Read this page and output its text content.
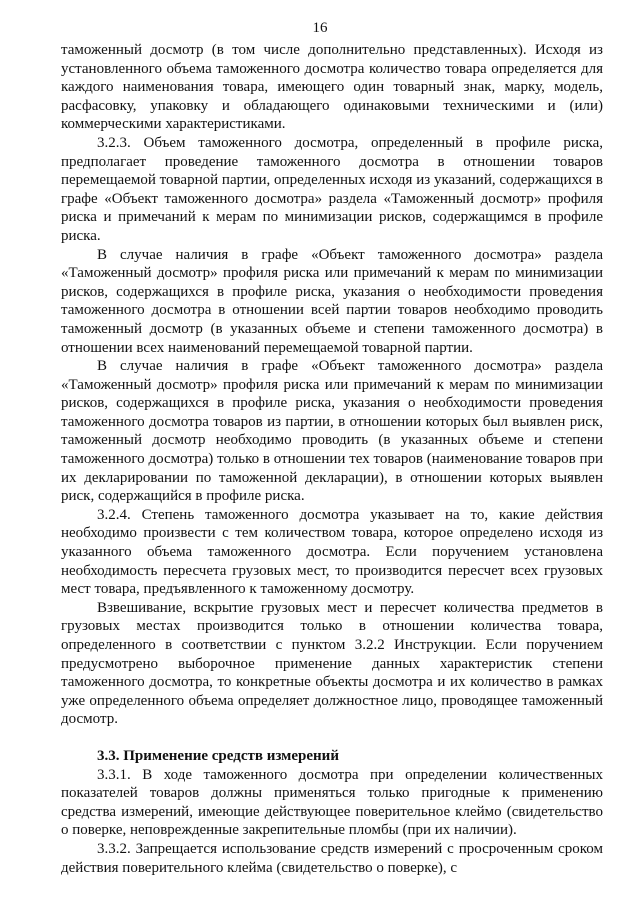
16

таможенный досмотр (в том числе дополнительно представленных). Исходя из установленного объема таможенного досмотра количество товара определяется для каждого наименования товара, имеющего один товарный знак, марку, модель, расфасовку, упаковку и обладающего одинаковыми техническими и (или) коммерческими характеристиками.

3.2.3. Объем таможенного досмотра, определенный в профиле риска, предполагает проведение таможенного досмотра в отношении товаров перемещаемой товарной партии, определенных исходя из указаний, содержащихся в графе «Объект таможенного досмотра» раздела «Таможенный досмотр» профиля риска и примечаний к мерам по минимизации рисков, содержащимся в профиле риска.

В случае наличия в графе «Объект таможенного досмотра» раздела «Таможенный досмотр» профиля риска или примечаний к мерам по минимизации рисков, содержащихся в профиле риска, указания о необходимости проведения таможенного досмотра в отношении всей партии товаров необходимо проводить таможенный досмотр (в указанных объеме и степени таможенного досмотра) в отношении всех наименований перемещаемой товарной партии.

В случае наличия в графе «Объект таможенного досмотра» раздела «Таможенный досмотр» профиля риска или примечаний к мерам по минимизации рисков, содержащихся в профиле риска, указания о необходимости проведения таможенного досмотра товаров из партии, в отношении которых был выявлен риск, таможенный досмотр необходимо проводить (в указанных объеме и степени таможенного досмотра) только в отношении тех товаров (наименование товаров при их декларировании по таможенной декларации), в отношении которых выявлен риск, содержащийся в профиле риска.

3.2.4. Степень таможенного досмотра указывает на то, какие действия необходимо произвести с тем количеством товара, которое определено исходя из указанного объема таможенного досмотра. Если поручением установлена необходимость пересчета грузовых мест, то производится пересчет всех грузовых мест товара, предъявленного к таможенному досмотру.

Взвешивание, вскрытие грузовых мест и пересчет количества предметов в грузовых местах производится только в отношении количества товара, определенного в соответствии с пунктом 3.2.2 Инструкции. Если поручением предусмотрено выборочное применение данных характеристик степени таможенного досмотра, то конкретные объекты досмотра и их количество в рамках уже определенного объема определяет должностное лицо, проводящее таможенный досмотр.

3.3. Применение средств измерений

3.3.1. В ходе таможенного досмотра при определении количественных показателей товаров должны применяться только пригодные к применению средства измерений, имеющие действующее поверительное клеймо (свидетельство о поверке, неповрежденные закрепительные пломбы (при их наличии).

3.3.2. Запрещается использование средств измерений с просроченным сроком действия поверительного клейма (свидетельство о поверке), с
